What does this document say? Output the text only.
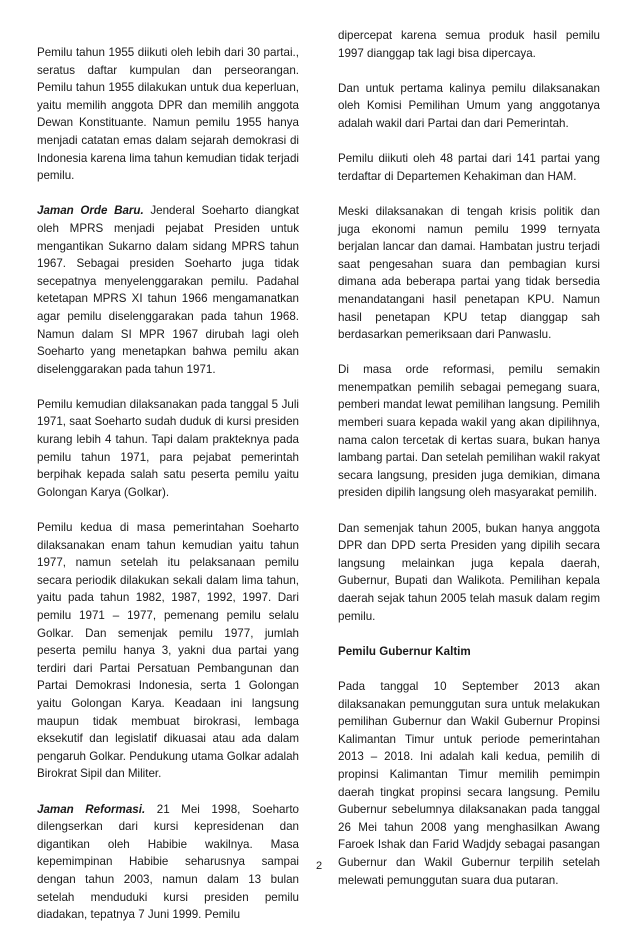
Pemilu tahun 1955 diikuti oleh lebih dari 30 partai., seratus daftar kumpulan dan perseorangan. Pemilu tahun 1955 dilakukan untuk dua keperluan, yaitu memilih anggota DPR dan memilih anggota Dewan Konstituante. Namun pemilu 1955 hanya menjadi catatan emas dalam sejarah demokrasi di Indonesia karena lima tahun kemudian tidak terjadi pemilu.

Jaman Orde Baru. Jenderal Soeharto diangkat oleh MPRS menjadi pejabat Presiden untuk mengantikan Sukarno dalam sidang MPRS tahun 1967. Sebagai presiden Soeharto juga tidak secepatnya menyelenggarakan pemilu. Padahal ketetapan MPRS XI tahun 1966 mengamanatkan agar pemilu diselenggarakan pada tahun 1968. Namun dalam SI MPR 1967 dirubah lagi oleh Soeharto yang menetapkan bahwa pemilu akan diselenggarakan pada tahun 1971.

Pemilu kemudian dilaksanakan pada tanggal 5 Juli 1971, saat Soeharto sudah duduk di kursi presiden kurang lebih 4 tahun. Tapi dalam prakteknya pada pemilu tahun 1971, para pejabat pemerintah berpihak kepada salah satu peserta pemilu yaitu Golongan Karya (Golkar).

Pemilu kedua di masa pemerintahan Soeharto dilaksanakan enam tahun kemudian yaitu tahun 1977, namun setelah itu pelaksanaan pemilu secara periodik dilakukan sekali dalam lima tahun, yaitu pada tahun 1982, 1987, 1992, 1997. Dari pemilu 1971 – 1977, pemenang pemilu selalu Golkar. Dan semenjak pemilu 1977, jumlah peserta pemilu hanya 3, yakni dua partai yang terdiri dari Partai Persatuan Pembangunan dan Partai Demokrasi Indonesia, serta 1 Golongan yaitu Golongan Karya. Keadaan ini langsung maupun tidak membuat birokrasi, lembaga eksekutif dan legislatif dikuasai atau ada dalam pengaruh Golkar. Pendukung utama Golkar adalah Birokrat Sipil dan Militer.

Jaman Reformasi. 21 Mei 1998, Soeharto dilengserkan dari kursi kepresidenan dan digantikan oleh Habibie wakilnya. Masa kepemimpinan Habibie seharusnya sampai dengan tahun 2003, namun dalam 13 bulan setelah menduduki kursi presiden pemilu diadakan, tepatnya 7 Juni 1999. Pemilu

dipercepat karena semua produk hasil pemilu 1997 dianggap tak lagi bisa dipercaya.

Dan untuk pertama kalinya pemilu dilaksanakan oleh Komisi Pemilihan Umum yang anggotanya adalah wakil dari Partai dan dari Pemerintah.

Pemilu diikuti oleh 48 partai dari 141 partai yang terdaftar di Departemen Kehakiman dan HAM.

Meski dilaksanakan di tengah krisis politik dan juga ekonomi namun pemilu 1999 ternyata berjalan lancar dan damai. Hambatan justru terjadi saat pengesahan suara dan pembagian kursi dimana ada beberapa partai yang tidak bersedia menandatangani hasil penetapan KPU. Namun hasil penetapan KPU tetap dianggap sah berdasarkan pemeriksaan dari Panwaslu.

Di masa orde reformasi, pemilu semakin menempatkan pemilih sebagai pemegang suara, pemberi mandat lewat pemilihan langsung. Pemilih memberi suara kepada wakil yang akan dipilihnya, nama calon tercetak di kertas suara, bukan hanya lambang partai. Dan setelah pemilihan wakil rakyat secara langsung, presiden juga demikian, dimana presiden dipilih langsung oleh masyarakat pemilih.

Dan semenjak tahun 2005, bukan hanya anggota DPR dan DPD serta Presiden yang dipilih secara langsung melainkan juga kepala daerah, Gubernur, Bupati dan Walikota. Pemilihan kepala daerah sejak tahun 2005 telah masuk dalam regim pemilu.

Pemilu Gubernur Kaltim

Pada tanggal 10 September 2013 akan dilaksanakan pemunggutan sura untuk melakukan pemilihan Gubernur dan Wakil Gubernur Propinsi Kalimantan Timur untuk periode pemerintahan 2013 – 2018. Ini adalah kali kedua, pemilih di propinsi Kalimantan Timur memilih pemimpin daerah tingkat propinsi secara langsung. Pemilu Gubernur sebelumnya dilaksanakan pada tanggal 26 Mei tahun 2008 yang menghasilkan Awang Faroek Ishak dan Farid Wadjdy sebagai pasangan Gubernur dan Wakil Gubernur terpilih setelah melewati pemunggutan suara dua putaran.

2
